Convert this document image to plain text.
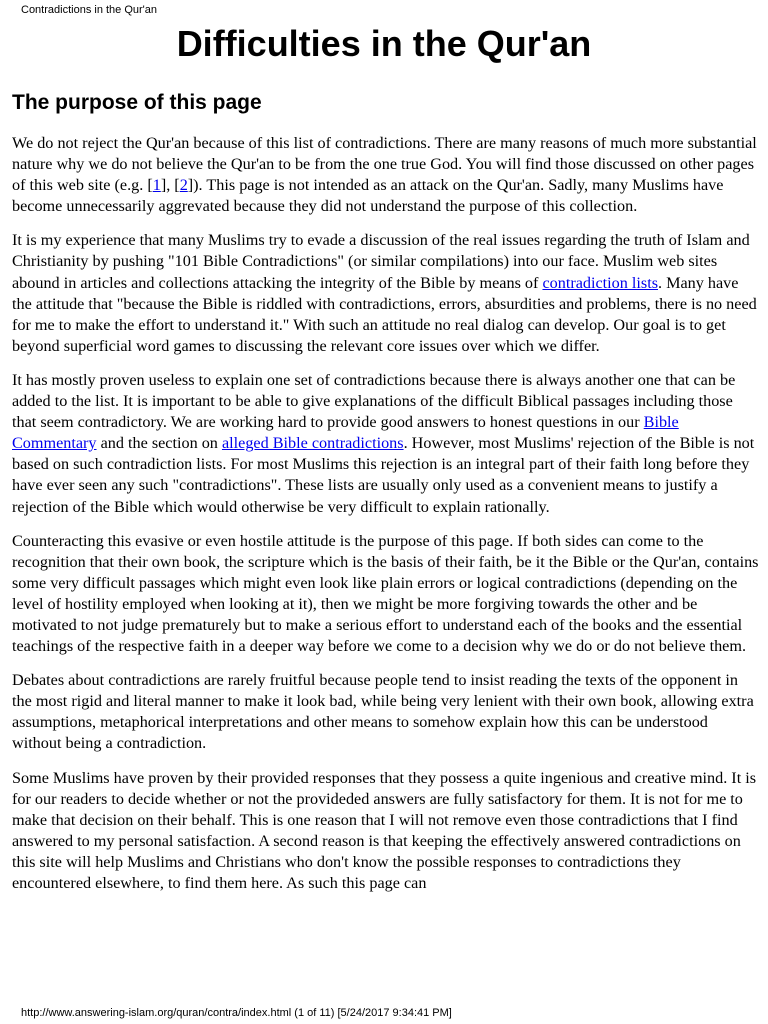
Contradictions in the Qur'an
Difficulties in the Qur'an
The purpose of this page

We do not reject the Qur'an because of this list of contradictions. There are many reasons of much more substantial nature why we do not believe the Qur'an to be from the one true God. You will find those discussed on other pages of this web site (e.g. [1], [2]). This page is not intended as an attack on the Qur'an. Sadly, many Muslims have become unnecessarily aggrevated because they did not understand the purpose of this collection.

It is my experience that many Muslims try to evade a discussion of the real issues regarding the truth of Islam and Christianity by pushing "101 Bible Contradictions" (or similar compilations) into our face. Muslim web sites abound in articles and collections attacking the integrity of the Bible by means of contradiction lists. Many have the attitude that "because the Bible is riddled with contradictions, errors, absurdities and problems, there is no need for me to make the effort to understand it." With such an attitude no real dialog can develop. Our goal is to get beyond superficial word games to discussing the relevant core issues over which we differ.

It has mostly proven useless to explain one set of contradictions because there is always another one that can be added to the list. It is important to be able to give explanations of the difficult Biblical passages including those that seem contradictory. We are working hard to provide good answers to honest questions in our Bible Commentary and the section on alleged Bible contradictions. However, most Muslims' rejection of the Bible is not based on such contradiction lists. For most Muslims this rejection is an integral part of their faith long before they have ever seen any such "contradictions". These lists are usually only used as a convenient means to justify a rejection of the Bible which would otherwise be very difficult to explain rationally.

Counteracting this evasive or even hostile attitude is the purpose of this page. If both sides can come to the recognition that their own book, the scripture which is the basis of their faith, be it the Bible or the Qur'an, contains some very difficult passages which might even look like plain errors or logical contradictions (depending on the level of hostility employed when looking at it), then we might be more forgiving towards the other and be motivated to not judge prematurely but to make a serious effort to understand each of the books and the essential teachings of the respective faith in a deeper way before we come to a decision why we do or do not believe them.

Debates about contradictions are rarely fruitful because people tend to insist reading the texts of the opponent in the most rigid and literal manner to make it look bad, while being very lenient with their own book, allowing extra assumptions, metaphorical interpretations and other means to somehow explain how this can be understood without being a contradiction.

Some Muslims have proven by their provided responses that they possess a quite ingenious and creative mind. It is for our readers to decide whether or not the provideded answers are fully satisfactory for them. It is not for me to make that decision on their behalf. This is one reason that I will not remove even those contradictions that I find answered to my personal satisfaction. A second reason is that keeping the effectively answered contradictions on this site will help Muslims and Christians who don't know the possible responses to contradictions they encountered elsewhere, to find them here. As such this page can

http://www.answering-islam.org/quran/contra/index.html (1 of 11) [5/24/2017 9:34:41 PM]
